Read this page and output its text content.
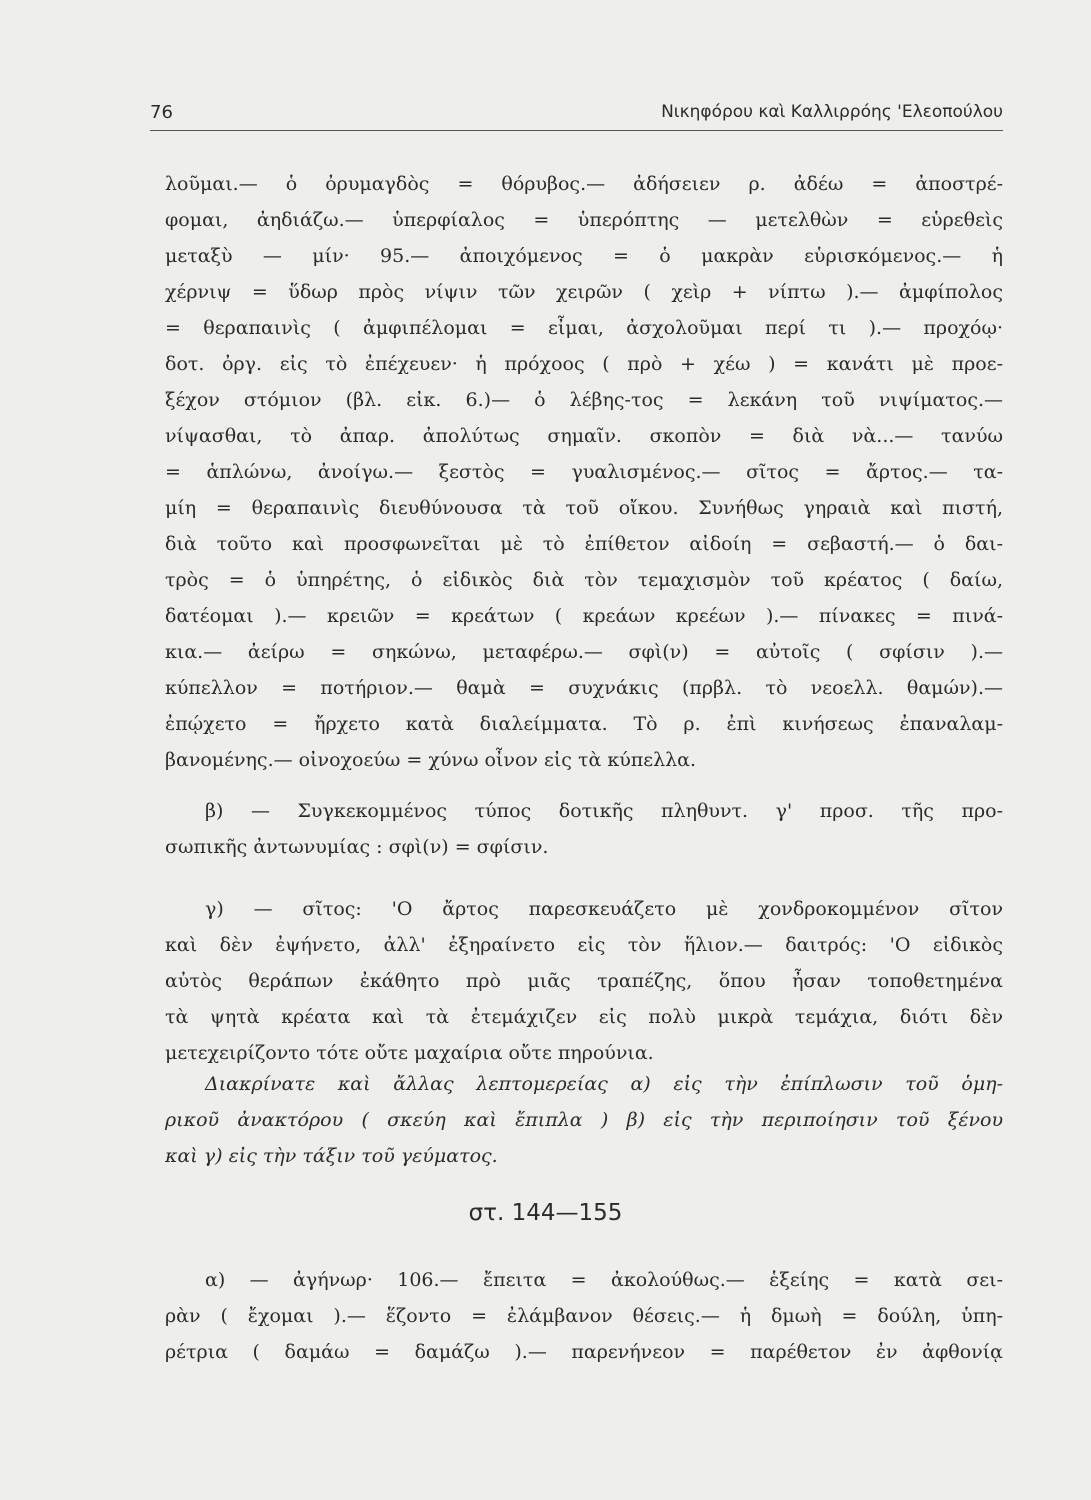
76	Νικηφόρου καὶ Καλλιρρόης 'Ελεοπούλου
λοῦμαι.— ὁ ὀρυμαγδὸς = θόρυβος.— ἀδήσειεν ρ. ἀδέω = ἀποστρέ-
φομαι, ἀηδιάζω.— ὑπερφίαλος = ὑπερόπτης — μετελθὼν = εὑρεθεὶς
μεταξὺ — μίν· 95.— ἀποιχόμενος = ὁ μακρὰν εὑρισκόμενος.— ἡ
χέρνιψ = ὕδωρ πρὸς νίψιν τῶν χειρῶν ( χεὶρ + νίπτω ).— ἀμφίπολος
= θεραπαινὶς ( ἀμφιπέλομαι = εἶμαι, ἀσχολοῦμαι περί τι ).— προχόῳ·
δοτ. ὀργ. εἰς τὸ ἐπέχευεν· ἡ πρόχοος ( πρὸ + χέω ) = κανάτι μὲ προε-
ξέχον στόμιον (βλ. εἰκ. 6.)— ὁ λέβης-τος = λεκάνη τοῦ νιψίματος.—
νίψασθαι, τὸ ἀπαρ. ἀπολύτως σημαῖν. σκοπὸν = διὰ νὰ...— τανύω
= ἁπλώνω, ἀνοίγω.— ξεστὸς = γυαλισμένος.— σῖτος = ἄρτος.— τα-
μίη = θεραπαινὶς διευθύνουσα τὰ τοῦ οἴκου. Συνήθως γηραιὰ καὶ πιστή,
διὰ τοῦτο καὶ προσφωνεῖται μὲ τὸ ἐπίθετον αἰδοίη = σεβαστή.— ὁ δαι-
τρὸς = ὁ ὑπηρέτης, ὁ εἰδικὸς διὰ τὸν τεμαχισμὸν τοῦ κρέατος ( δαίω,
δατέομαι ).— κρειῶν = κρεάτων ( κρεάων κρεέων ).— πίνακες = πινά-
κια.— ἀείρω = σηκώνω, μεταφέρω.— σφὶ(ν) = αὐτοῖς ( σφίσιν ).—
κύπελλον = ποτήριον.— θαμὰ = συχνάκις (πρβλ. τὸ νεοελλ. θαμών).—
ἐπῴχετο = ἤρχετο κατὰ διαλείμματα. Τὸ ρ. ἐπὶ κινήσεως ἐπαναλαμ-
βανομένης.— οἰνοχοεύω = χύνω οἶνον εἰς τὰ κύπελλα.
β) — Συγκεκομμένος τύπος δοτικῆς πληθυντ. γ' προσ. τῆς προ-
σωπικῆς ἀντωνυμίας : σφὶ(ν) = σφίσιν.
γ) — σῖτος: 'Ο ἄρτος παρεσκευάζετο μὲ χονδροκομμένον σῖτον
καὶ δὲν ἐψήνετο, ἀλλ' ἐξηραίνετο εἰς τὸν ἥλιον.— δαιτρός: 'Ο εἰδικὸς
αὐτὸς θεράπων ἐκάθητο πρὸ μιᾶς τραπέζης, ὅπου ἦσαν τοποθετημένα
τὰ ψητὰ κρέατα καὶ τὰ ἐτεμάχιζεν εἰς πολὺ μικρὰ τεμάχια, διότι δὲν
μετεχειρίζοντο τότε οὔτε μαχαίρια οὔτε πηρούνια.
Διακρίνατε καὶ ἄλλας λεπτομερείας α) εἰς τὴν ἐπίπλωσιν τοῦ ὁμη-
ρικοῦ ἀνακτόρου ( σκεύη καὶ ἔπιπλα ) β) εἰς τὴν περιποίησιν τοῦ ξένου
καὶ γ) εἰς τὴν τάξιν τοῦ γεύματος.
στ. 144—155
α) — ἀγήνωρ· 106.— ἔπειτα = ἀκολούθως.— ἑξείης = κατὰ σει-
ρὰν ( ἔχομαι ).— ἕζοντο = ἐλάμβανον θέσεις.— ἡ δμωὴ = δούλη, ὑπη-
ρέτρια ( δαμάω = δαμάζω ).— παρενήνεον = παρέθετον ἐν ἀφθονίᾳ
